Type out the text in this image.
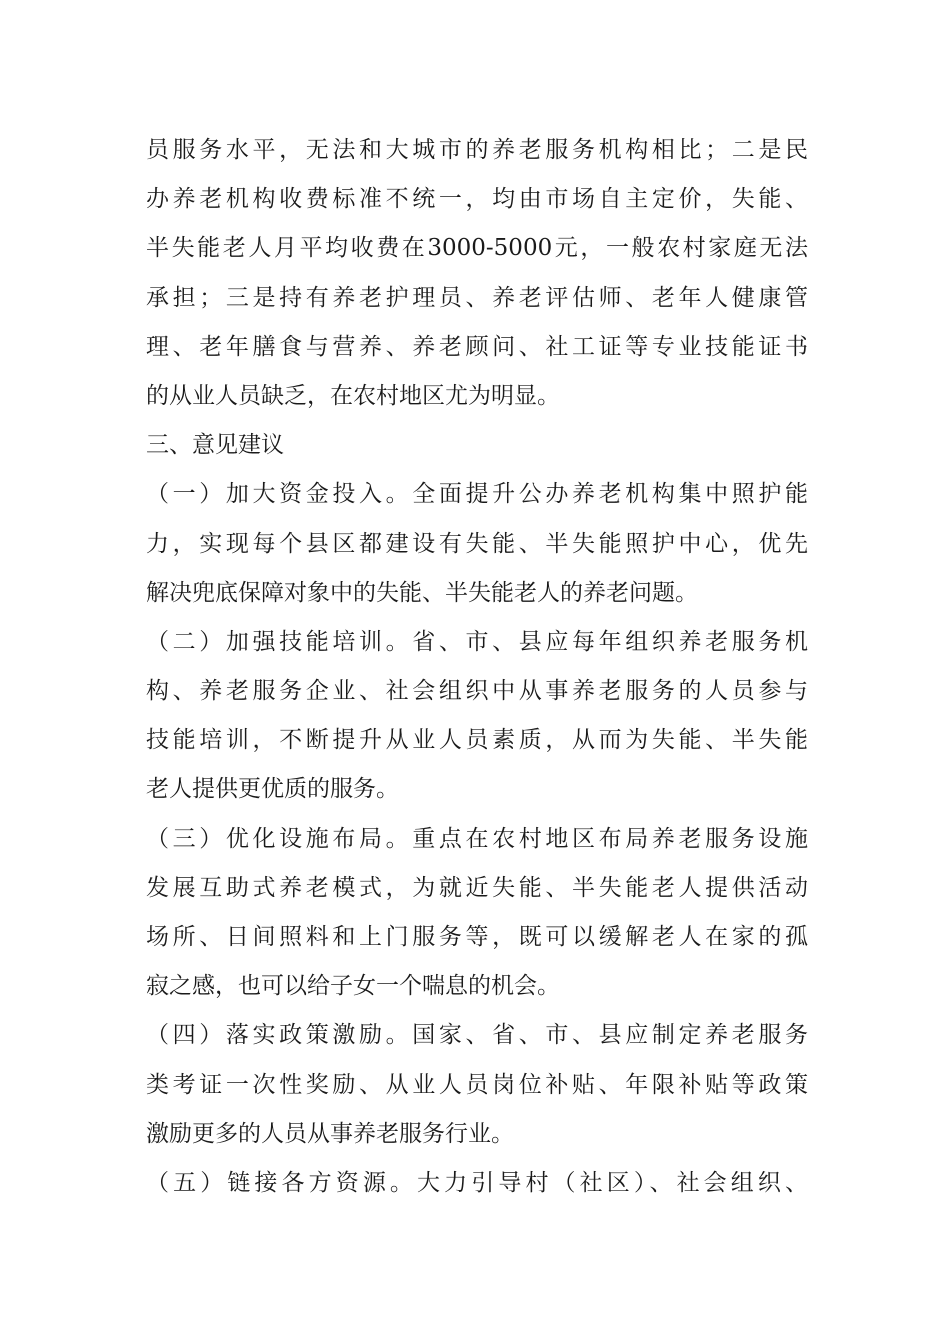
员服务水平，无法和大城市的养老服务机构相比；二是民
办养老机构收费标准不统一，均由市场自主定价，失能、
半失能老人月平均收费在3000-5000元，一般农村家庭无法
承担；三是持有养老护理员、养老评估师、老年人健康管
理、老年膳食与营养、养老顾问、社工证等专业技能证书
的从业人员缺乏，在农村地区尤为明显。
三、意见建议
（一）加大资金投入。全面提升公办养老机构集中照护能
力，实现每个县区都建设有失能、半失能照护中心，优先
解决兜底保障对象中的失能、半失能老人的养老问题。
（二）加强技能培训。省、市、县应每年组织养老服务机
构、养老服务企业、社会组织中从事养老服务的人员参与
技能培训，不断提升从业人员素质，从而为失能、半失能
老人提供更优质的服务。
（三）优化设施布局。重点在农村地区布局养老服务设施
发展互助式养老模式，为就近失能、半失能老人提供活动
场所、日间照料和上门服务等，既可以缓解老人在家的孤
寂之感，也可以给子女一个喘息的机会。
（四）落实政策激励。国家、省、市、县应制定养老服务
类考证一次性奖励、从业人员岗位补贴、年限补贴等政策
激励更多的人员从事养老服务行业。
（五）链接各方资源。大力引导村（社区）、社会组织、
